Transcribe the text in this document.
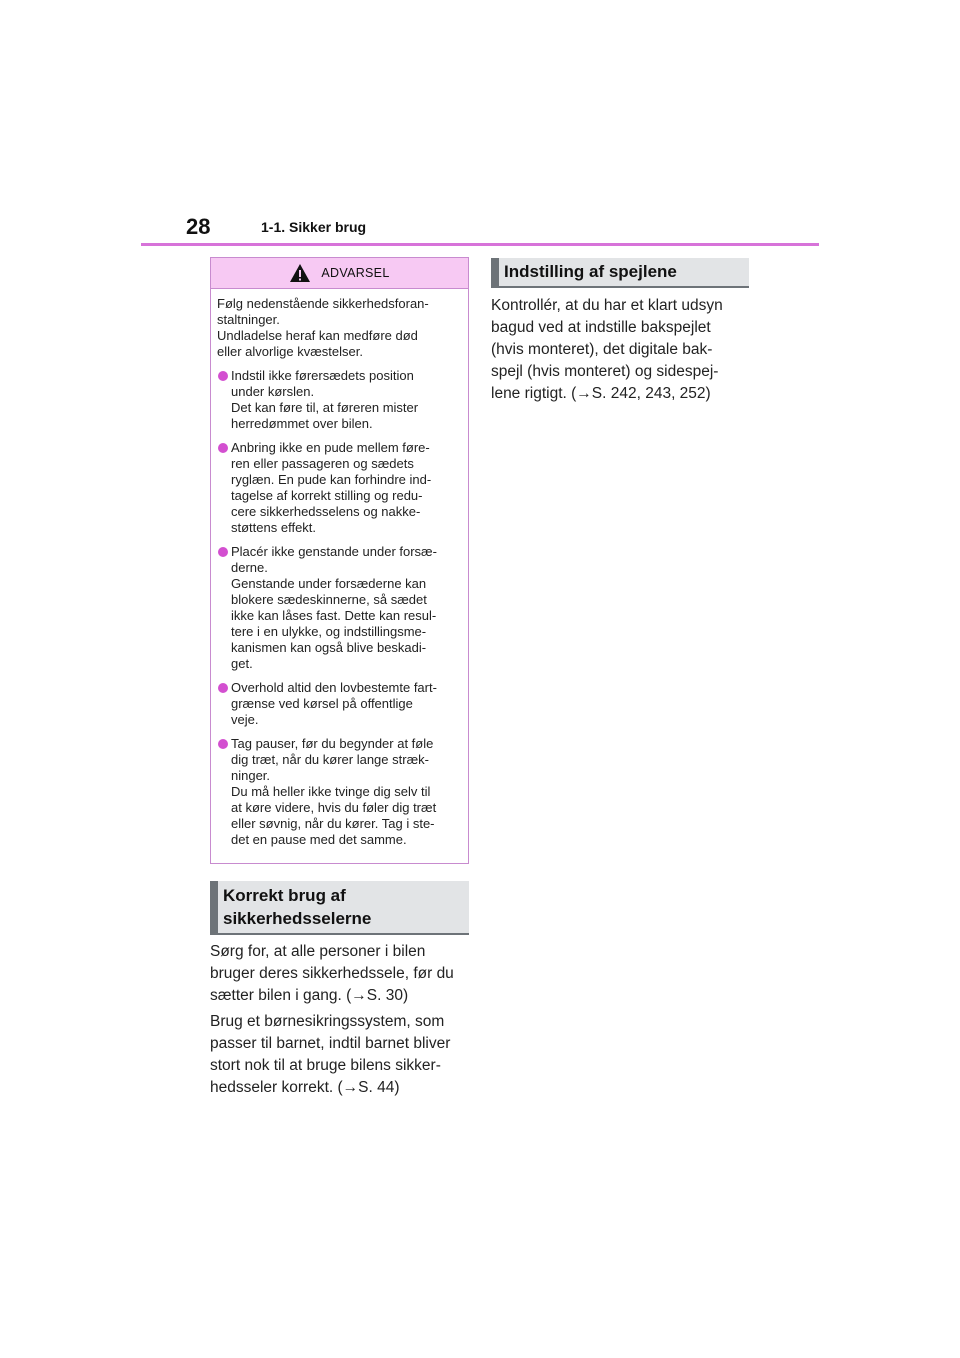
28	1-1. Sikker brug
ADVARSEL
Følg nedenstående sikkerhedsforan-
staltninger.
Undladelse heraf kan medføre død
eller alvorlige kvæstelser.
Indstil ikke førersædets position
under kørslen.
Det kan føre til, at føreren mister
herredømmet over bilen.
Anbring ikke en pude mellem føre-
ren eller passageren og sædets
ryglæn. En pude kan forhindre ind-
tagelse af korrekt stilling og redu-
cere sikkerhedsselens og nakke-
støttens effekt.
Placér ikke genstande under forsæ-
derne.
Genstande under forsæderne kan
blokere sædeskinnerne, så sædet
ikke kan låses fast. Dette kan resul-
tere i en ulykke, og indstillingsme-
kanismen kan også blive beskadi-
get.
Overhold altid den lovbestemte fart-
grænse ved kørsel på offentlige
veje.
Tag pauser, før du begynder at føle
dig træt, når du kører lange stræk-
ninger.
Du må heller ikke tvinge dig selv til
at køre videre, hvis du føler dig træt
eller søvnig, når du kører. Tag i ste-
det en pause med det samme.
Korrekt brug af
sikkerhedsselerne
Sørg for, at alle personer i bilen
bruger deres sikkerhedssele, før du
sætter bilen i gang. (→S. 30)
Brug et børnesikringssystem, som
passer til barnet, indtil barnet bliver
stort nok til at bruge bilens sikker-
hedsseler korrekt. (→S. 44)
Indstilling af spejlene
Kontrollér, at du har et klart udsyn
bagud ved at indstille bakspejlet
(hvis monteret), det digitale bak-
spejl (hvis monteret) og sidespej-
lene rigtigt. (→S. 242, 243, 252)
